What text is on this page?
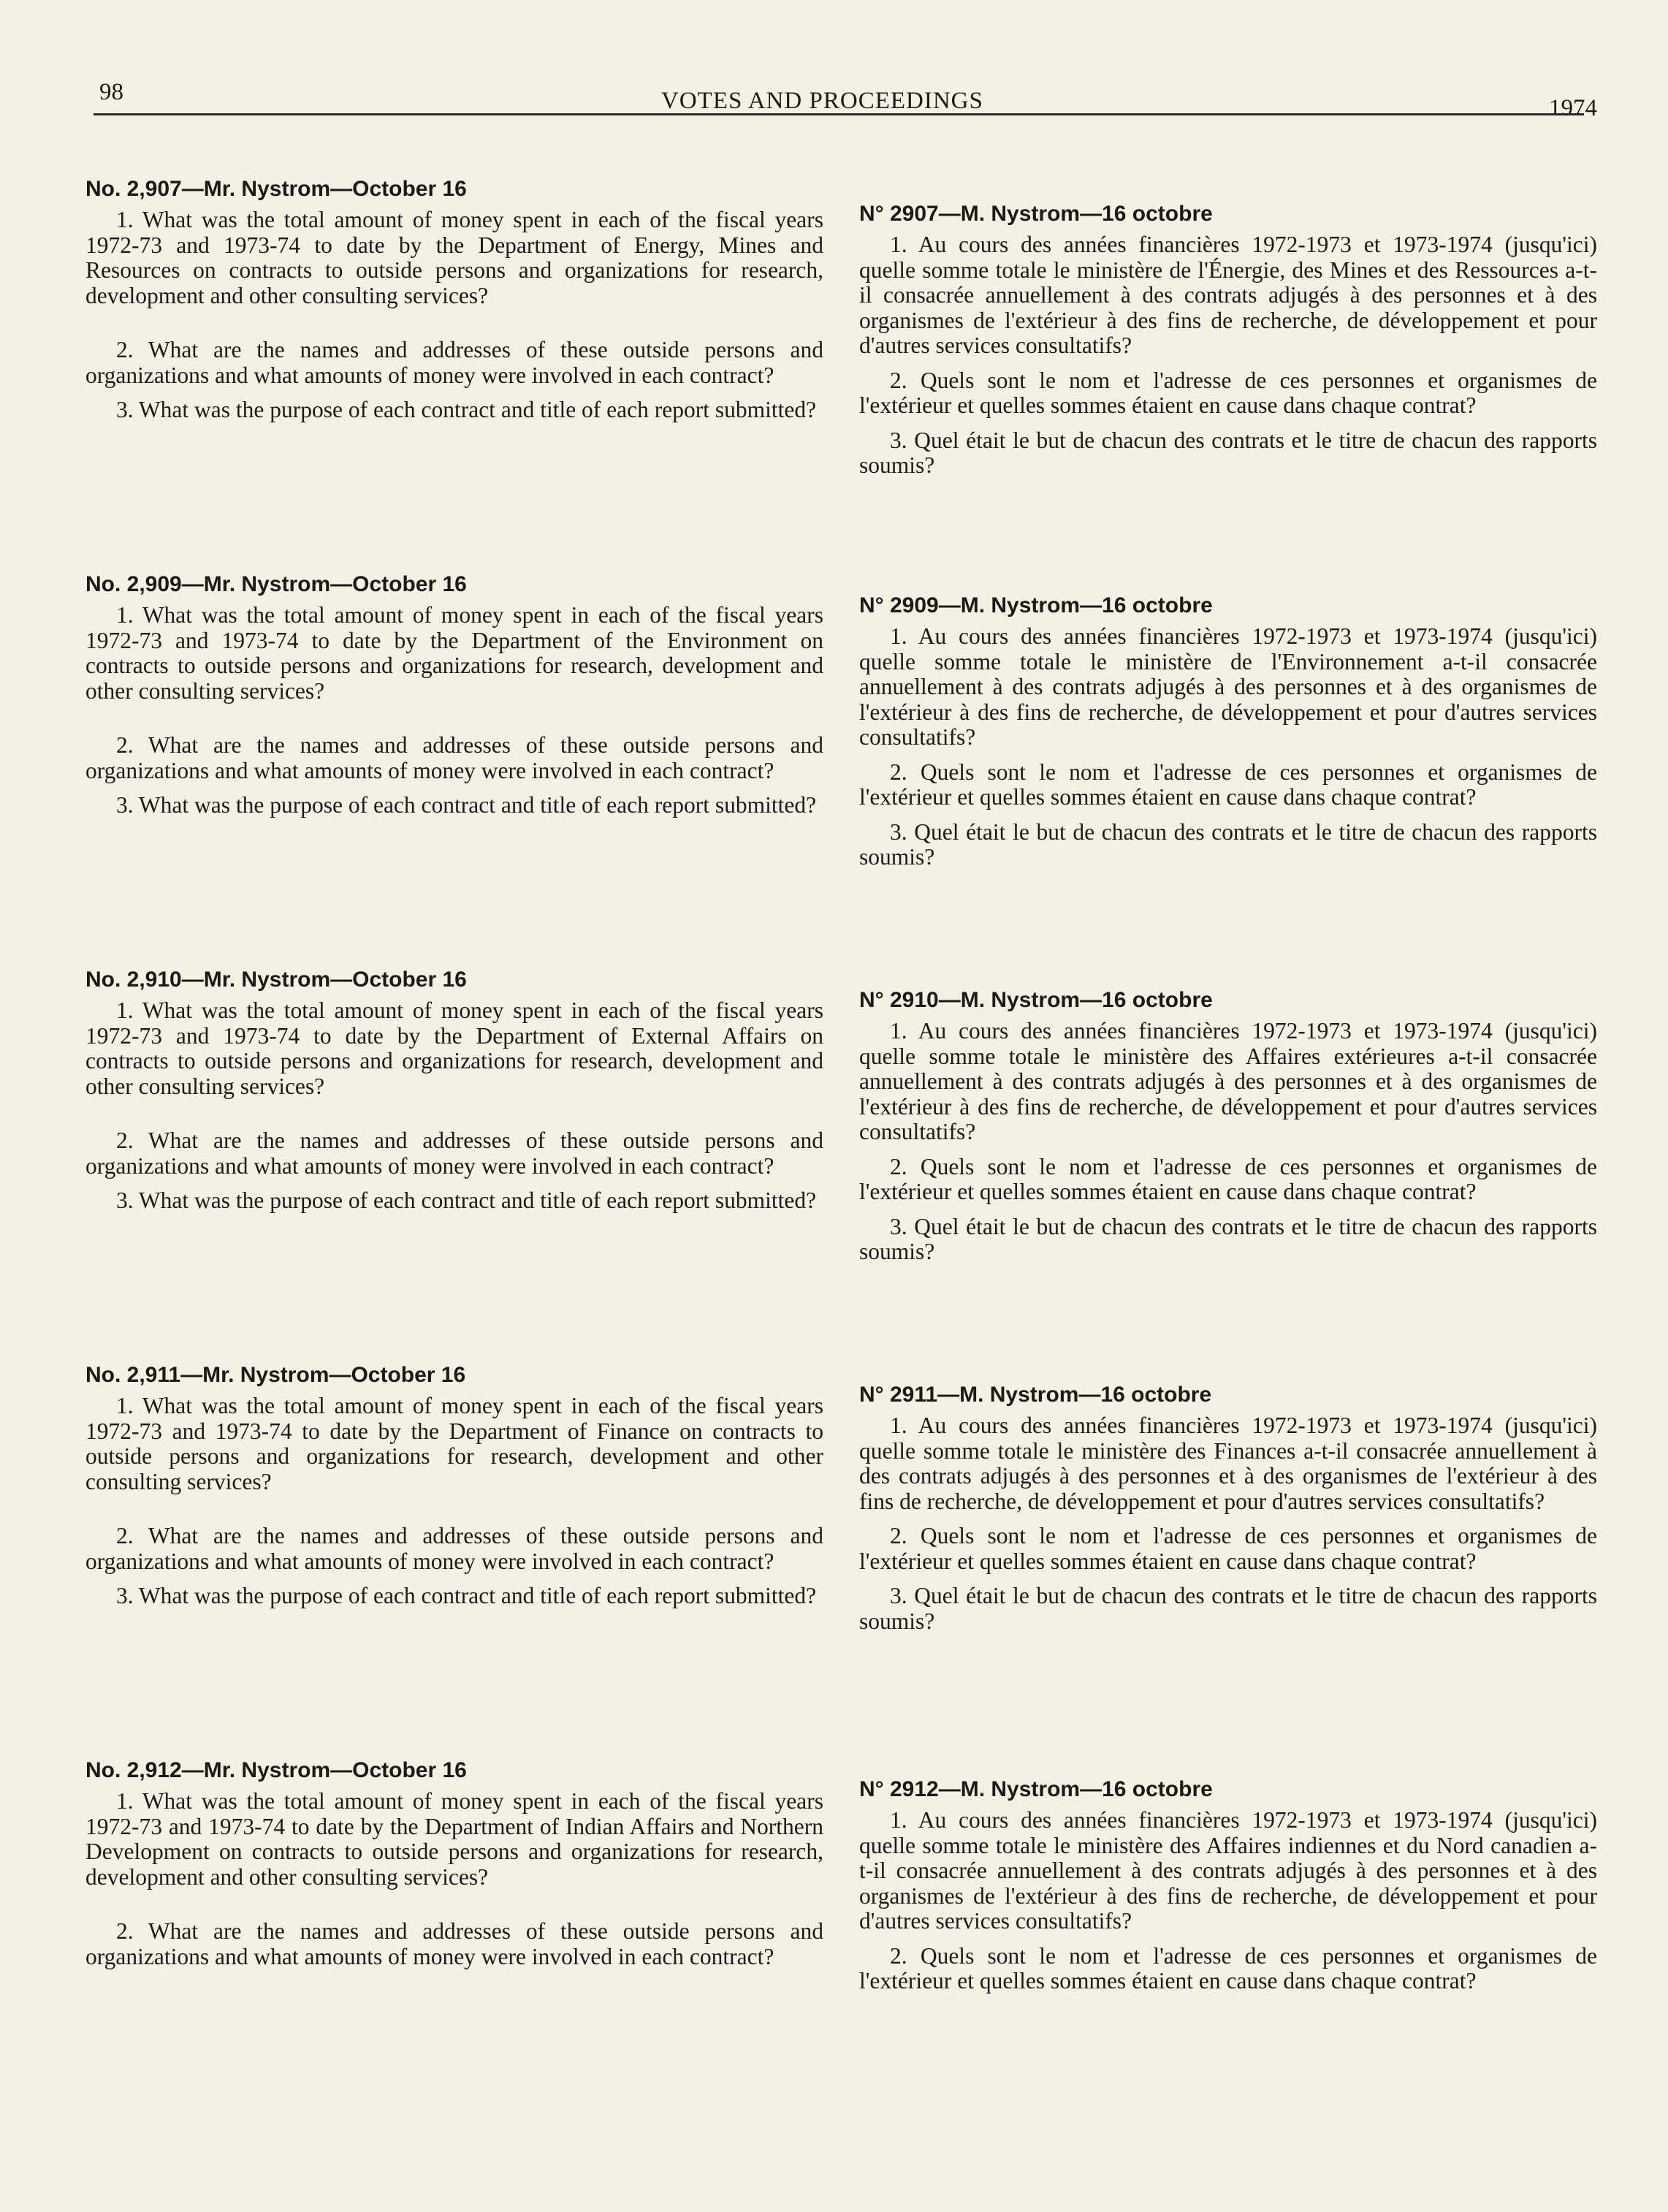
98	VOTES AND PROCEEDINGS	1974

No. 2,907—Mr. Nystrom—October 16

1. What was the total amount of money spent in each of the fiscal years 1972-73 and 1973-74 to date by the Department of Energy, Mines and Resources on contracts to outside persons and organizations for research, development and other consulting services?

2. What are the names and addresses of these outside persons and organizations and what amounts of money were involved in each contract?

3. What was the purpose of each contract and title of each report submitted?

No. 2,909—Mr. Nystrom—October 16

1. What was the total amount of money spent in each of the fiscal years 1972-73 and 1973-74 to date by the Department of the Environment on contracts to outside persons and organizations for research, development and other consulting services?

2. What are the names and addresses of these outside persons and organizations and what amounts of money were involved in each contract?

3. What was the purpose of each contract and title of each report submitted?

No. 2,910—Mr. Nystrom—October 16

1. What was the total amount of money spent in each of the fiscal years 1972-73 and 1973-74 to date by the Department of External Affairs on contracts to outside persons and organizations for research, development and other consulting services?

2. What are the names and addresses of these outside persons and organizations and what amounts of money were involved in each contract?

3. What was the purpose of each contract and title of each report submitted?

No. 2,911—Mr. Nystrom—October 16

1. What was the total amount of money spent in each of the fiscal years 1972-73 and 1973-74 to date by the Department of Finance on contracts to outside persons and organizations for research, development and other consulting services?

2. What are the names and addresses of these outside persons and organizations and what amounts of money were involved in each contract?

3. What was the purpose of each contract and title of each report submitted?

No. 2,912—Mr. Nystrom—October 16

1. What was the total amount of money spent in each of the fiscal years 1972-73 and 1973-74 to date by the Department of Indian Affairs and Northern Development on contracts to outside persons and organizations for research, development and other consulting services?

2. What are the names and addresses of these outside persons and organizations and what amounts of money were involved in each contract?

N° 2907—M. Nystrom—16 octobre

1. Au cours des années financières 1972-1973 et 1973-1974 (jusqu'ici) quelle somme totale le ministère de l'Énergie, des Mines et des Ressources a-t-il consacrée annuellement à des contrats adjugés à des personnes et à des organismes de l'extérieur à des fins de recherche, de développement et pour d'autres services consultatifs?

2. Quels sont le nom et l'adresse de ces personnes et organismes de l'extérieur et quelles sommes étaient en cause dans chaque contrat?

3. Quel était le but de chacun des contrats et le titre de chacun des rapports soumis?

N° 2909—M. Nystrom—16 octobre

1. Au cours des années financières 1972-1973 et 1973-1974 (jusqu'ici) quelle somme totale le ministère de l'Environnement a-t-il consacrée annuellement à des contrats adjugés à des personnes et à des organismes de l'extérieur à des fins de recherche, de développement et pour d'autres services consultatifs?

2. Quels sont le nom et l'adresse de ces personnes et organismes de l'extérieur et quelles sommes étaient en cause dans chaque contrat?

3. Quel était le but de chacun des contrats et le titre de chacun des rapports soumis?

N° 2910—M. Nystrom—16 octobre

1. Au cours des années financières 1972-1973 et 1973-1974 (jusqu'ici) quelle somme totale le ministère des Affaires extérieures a-t-il consacrée annuellement à des contrats adjugés à des personnes et à des organismes de l'extérieur à des fins de recherche, de développement et pour d'autres services consultatifs?

2. Quels sont le nom et l'adresse de ces personnes et organismes de l'extérieur et quelles sommes étaient en cause dans chaque contrat?

3. Quel était le but de chacun des contrats et le titre de chacun des rapports soumis?

N° 2911—M. Nystrom—16 octobre

1. Au cours des années financières 1972-1973 et 1973-1974 (jusqu'ici) quelle somme totale le ministère des Finances a-t-il consacrée annuellement à des contrats adjugés à des personnes et à des organismes de l'extérieur à des fins de recherche, de développement et pour d'autres services consultatifs?

2. Quels sont le nom et l'adresse de ces personnes et organismes de l'extérieur et quelles sommes étaient en cause dans chaque contrat?

3. Quel était le but de chacun des contrats et le titre de chacun des rapports soumis?

N° 2912—M. Nystrom—16 octobre

1. Au cours des années financières 1972-1973 et 1973-1974 (jusqu'ici) quelle somme totale le ministère des Affaires indiennes et du Nord canadien a-t-il consacrée annuellement à des contrats adjugés à des personnes et à des organismes de l'extérieur à des fins de recherche, de développement et pour d'autres services consultatifs?

2. Quels sont le nom et l'adresse de ces personnes et organismes de l'extérieur et quelles sommes étaient en cause dans chaque contrat?
